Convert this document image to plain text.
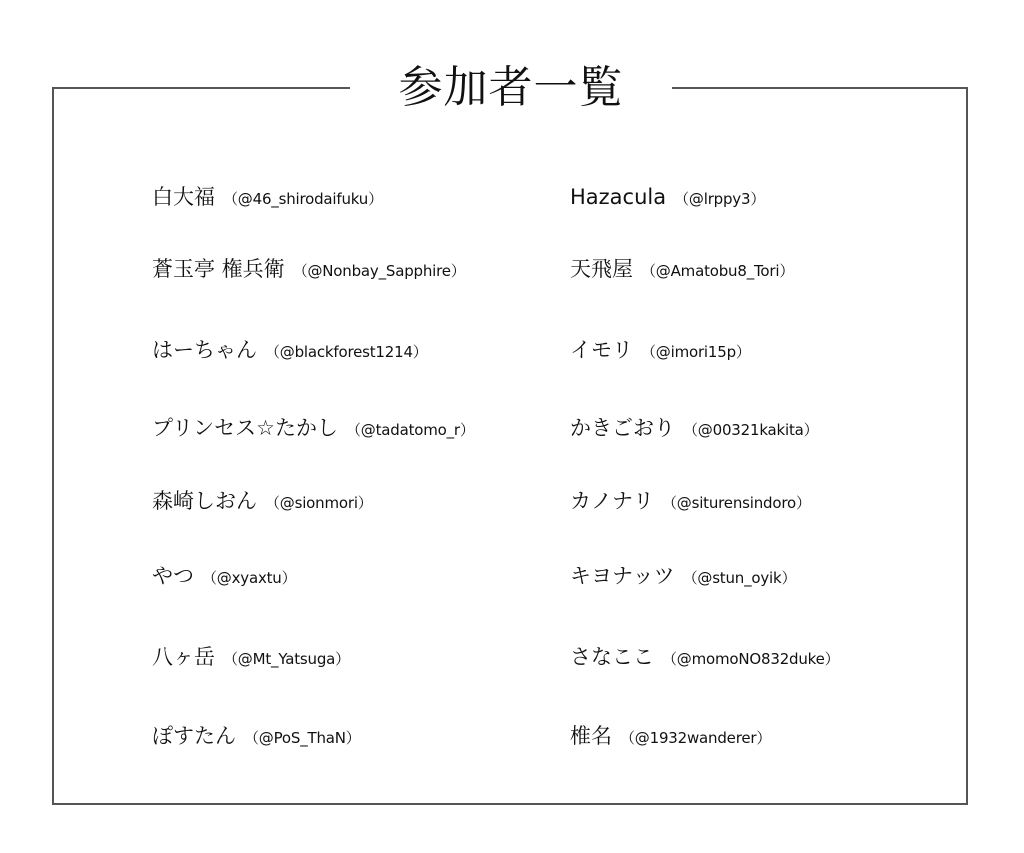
参加者一覧
白大福 （@46_shirodaifuku）	Hazacula （@lrppy3）
蒼玉亭 権兵衛 （@Nonbay_Sapphire）	天飛屋 （@Amatobu8_Tori）
はーちゃん （@blackforest1214）	イモリ （@imori15p）
プリンセス☆たかし （@tadatomo_r）	かきごおり （@00321kakita）
森崎しおん （@sionmori）	カノナリ （@siturensindoro）
やつ （@xyaxtu）	キヨナッツ （@stun_oyik）
八ヶ岳 （@Mt_Yatsuga）	さなここ （@momoNO832duke）
ぽすたん （@PoS_ThaN）	椎名 （@1932wanderer）
